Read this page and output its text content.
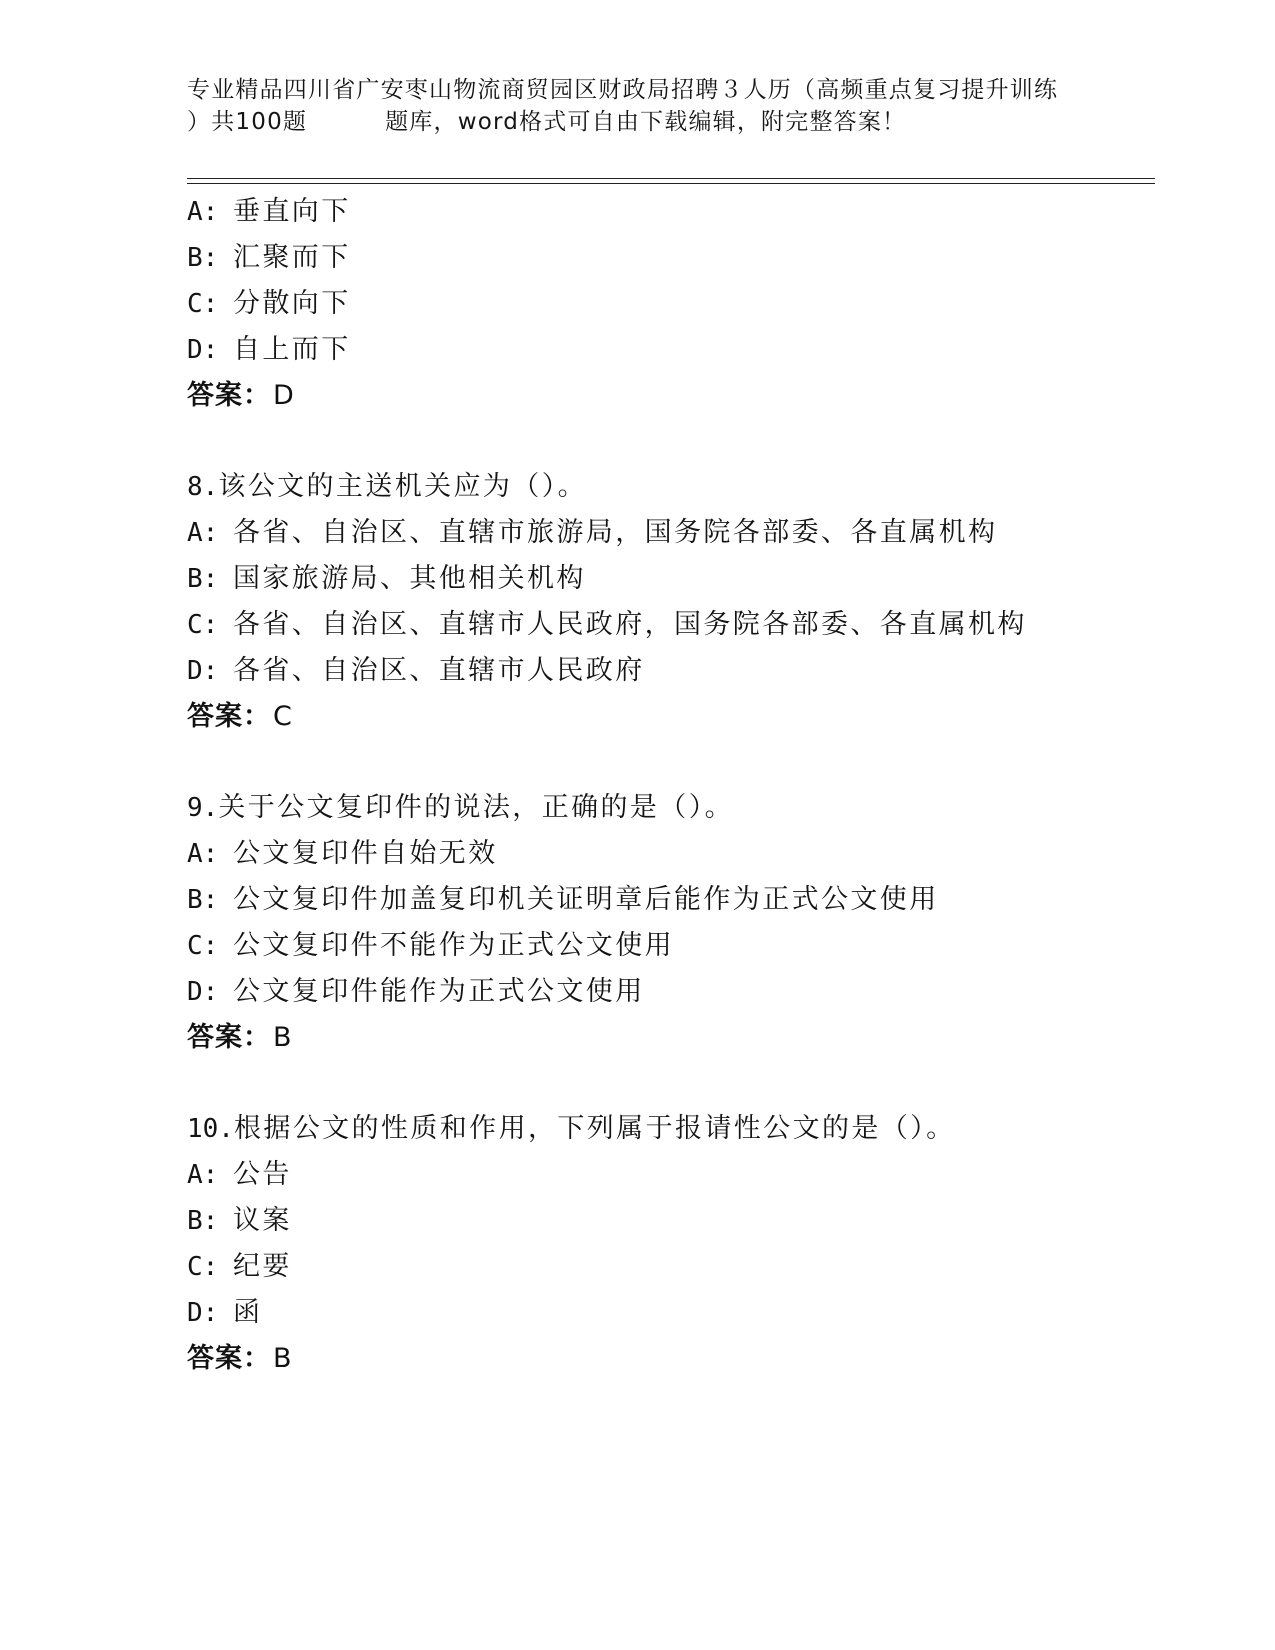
专业精品四川省广安枣山物流商贸园区财政局招聘３人历（高频重点复习提升训练
）共100题	题库，word格式可自由下载编辑，附完整答案！
A: 垂直向下
B: 汇聚而下
C: 分散向下
D: 自上而下
答案：D
8.该公文的主送机关应为（）。
A: 各省、自治区、直辖市旅游局，国务院各部委、各直属机构
B: 国家旅游局、其他相关机构
C: 各省、自治区、直辖市人民政府，国务院各部委、各直属机构
D: 各省、自治区、直辖市人民政府
答案：C
9.关于公文复印件的说法，正确的是（）。
A: 公文复印件自始无效
B: 公文复印件加盖复印机关证明章后能作为正式公文使用
C: 公文复印件不能作为正式公文使用
D: 公文复印件能作为正式公文使用
答案：B
10.根据公文的性质和作用，下列属于报请性公文的是（）。
A: 公告
B: 议案
C: 纪要
D: 函
答案：B
